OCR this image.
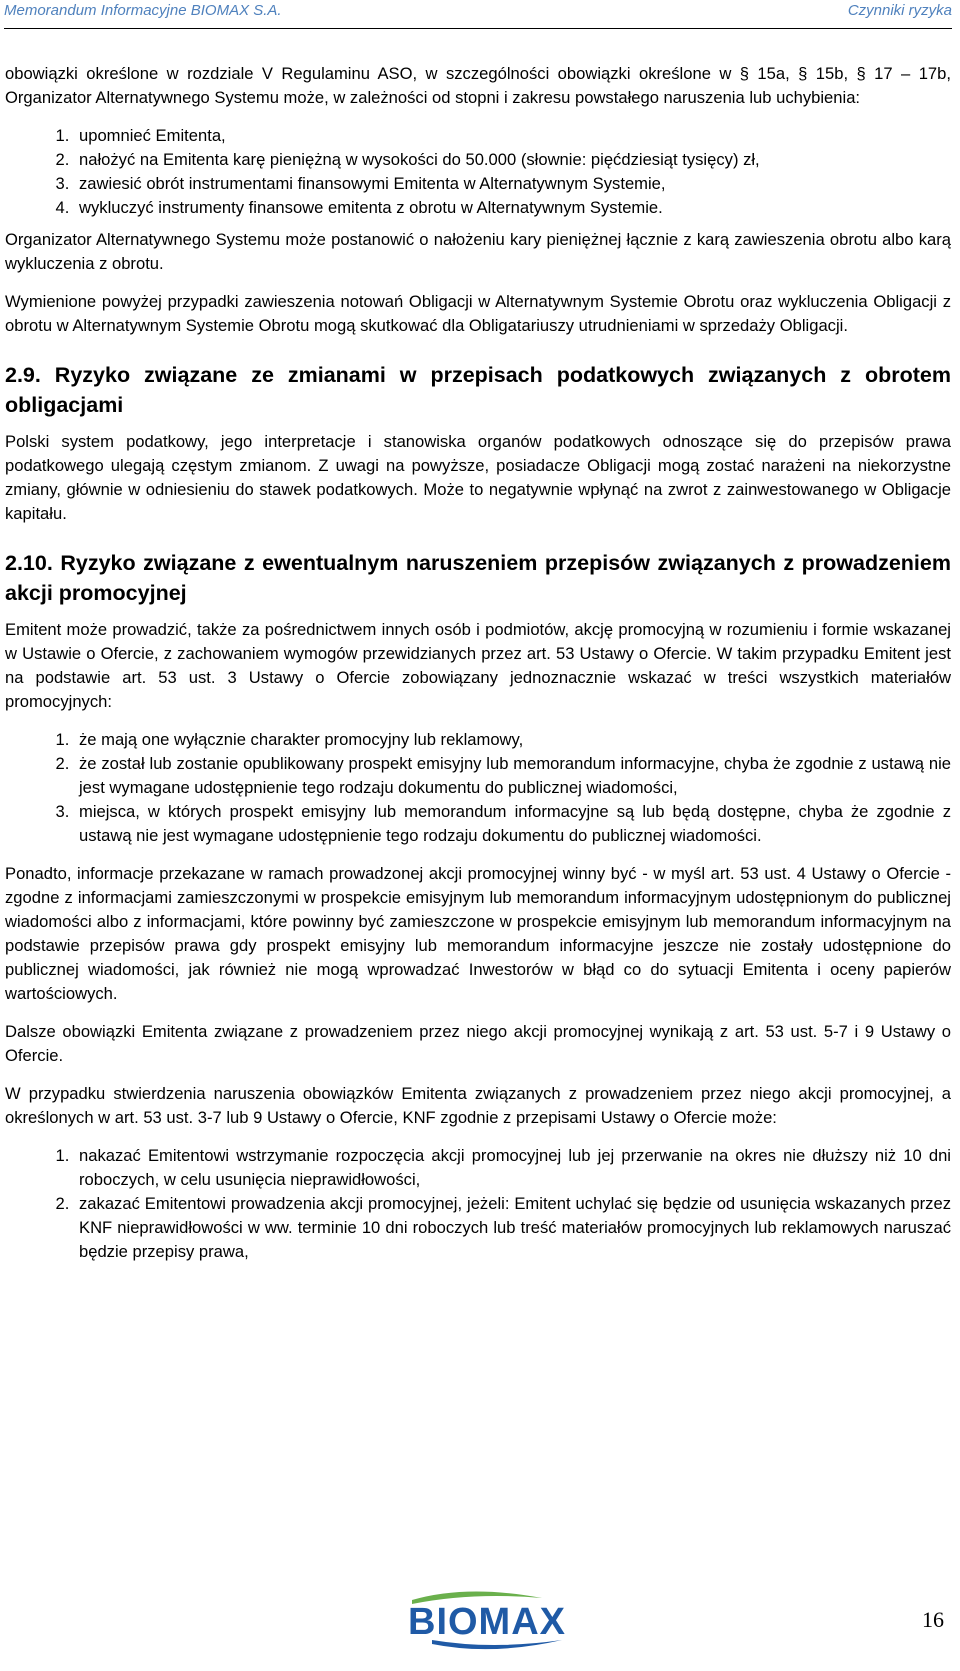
Memorandum Informacyjne BIOMAX S.A.	Czynniki ryzyka

obowiązki określone w rozdziale V Regulaminu ASO, w szczególności obowiązki określone w § 15a, § 15b, § 17 – 17b, Organizator Alternatywnego Systemu może, w zależności od stopni i zakresu powstałego naruszenia lub uchybienia:

1. upomnieć Emitenta,
2. nałożyć na Emitenta karę pieniężną w wysokości do 50.000 (słownie: pięćdziesiąt tysięcy) zł,
3. zawiesić obrót instrumentami finansowymi Emitenta w Alternatywnym Systemie,
4. wykluczyć instrumenty finansowe emitenta z obrotu w Alternatywnym Systemie.

Organizator Alternatywnego Systemu może postanowić o nałożeniu kary pieniężnej łącznie z karą zawieszenia obrotu albo karą wykluczenia z obrotu.

Wymienione powyżej przypadki zawieszenia notowań Obligacji w Alternatywnym Systemie Obrotu oraz wykluczenia Obligacji z obrotu w Alternatywnym Systemie Obrotu mogą skutkować dla Obligatariuszy utrudnieniami w sprzedaży Obligacji.

2.9. Ryzyko związane ze zmianami w przepisach podatkowych związanych z obrotem obligacjami

Polski system podatkowy, jego interpretacje i stanowiska organów podatkowych odnoszące się do przepisów prawa podatkowego ulegają częstym zmianom. Z uwagi na powyższe, posiadacze Obligacji mogą zostać narażeni na niekorzystne zmiany, głównie w odniesieniu do stawek podatkowych. Może to negatywnie wpłynąć na zwrot z zainwestowanego w Obligacje kapitału.

2.10. Ryzyko związane z ewentualnym naruszeniem przepisów związanych z prowadzeniem akcji promocyjnej

Emitent może prowadzić, także za pośrednictwem innych osób i podmiotów, akcję promocyjną w rozumieniu i formie wskazanej w Ustawie o Ofercie, z zachowaniem wymogów przewidzianych przez art. 53 Ustawy o Ofercie. W takim przypadku Emitent jest na podstawie art. 53 ust. 3 Ustawy o Ofercie zobowiązany jednoznacznie wskazać w treści wszystkich materiałów promocyjnych:

1. że mają one wyłącznie charakter promocyjny lub reklamowy,
2. że został lub zostanie opublikowany prospekt emisyjny lub memorandum informacyjne, chyba że zgodnie z ustawą nie jest wymagane udostępnienie tego rodzaju dokumentu do publicznej wiadomości,
3. miejsca, w których prospekt emisyjny lub memorandum informacyjne są lub będą dostępne, chyba że zgodnie z ustawą nie jest wymagane udostępnienie tego rodzaju dokumentu do publicznej wiadomości.

Ponadto, informacje przekazane w ramach prowadzonej akcji promocyjnej winny być - w myśl art. 53 ust. 4 Ustawy o Ofercie - zgodne z informacjami zamieszczonymi w prospekcie emisyjnym lub memorandum informacyjnym udostępnionym do publicznej wiadomości albo z informacjami, które powinny być zamieszczone w prospekcie emisyjnym lub memorandum informacyjnym na podstawie przepisów prawa gdy prospekt emisyjny lub memorandum informacyjne jeszcze nie zostały udostępnione do publicznej wiadomości, jak również nie mogą wprowadzać Inwestorów w błąd co do sytuacji Emitenta i oceny papierów wartościowych.

Dalsze obowiązki Emitenta związane z prowadzeniem przez niego akcji promocyjnej wynikają z art. 53 ust. 5-7 i 9 Ustawy o Ofercie.

W przypadku stwierdzenia naruszenia obowiązków Emitenta związanych z prowadzeniem przez niego akcji promocyjnej, a określonych w art. 53 ust. 3-7 lub 9 Ustawy o Ofercie, KNF zgodnie z przepisami Ustawy o Ofercie może:

1. nakazać Emitentowi wstrzymanie rozpoczęcia akcji promocyjnej lub jej przerwanie na okres nie dłuższy niż 10 dni roboczych, w celu usunięcia nieprawidłowości,
2. zakazać Emitentowi prowadzenia akcji promocyjnej, jeżeli: Emitent uchylać się będzie od usunięcia wskazanych przez KNF nieprawidłowości w ww. terminie 10 dni roboczych lub treść materiałów promocyjnych lub reklamowych naruszać będzie przepisy prawa,
BIOMAX	16
